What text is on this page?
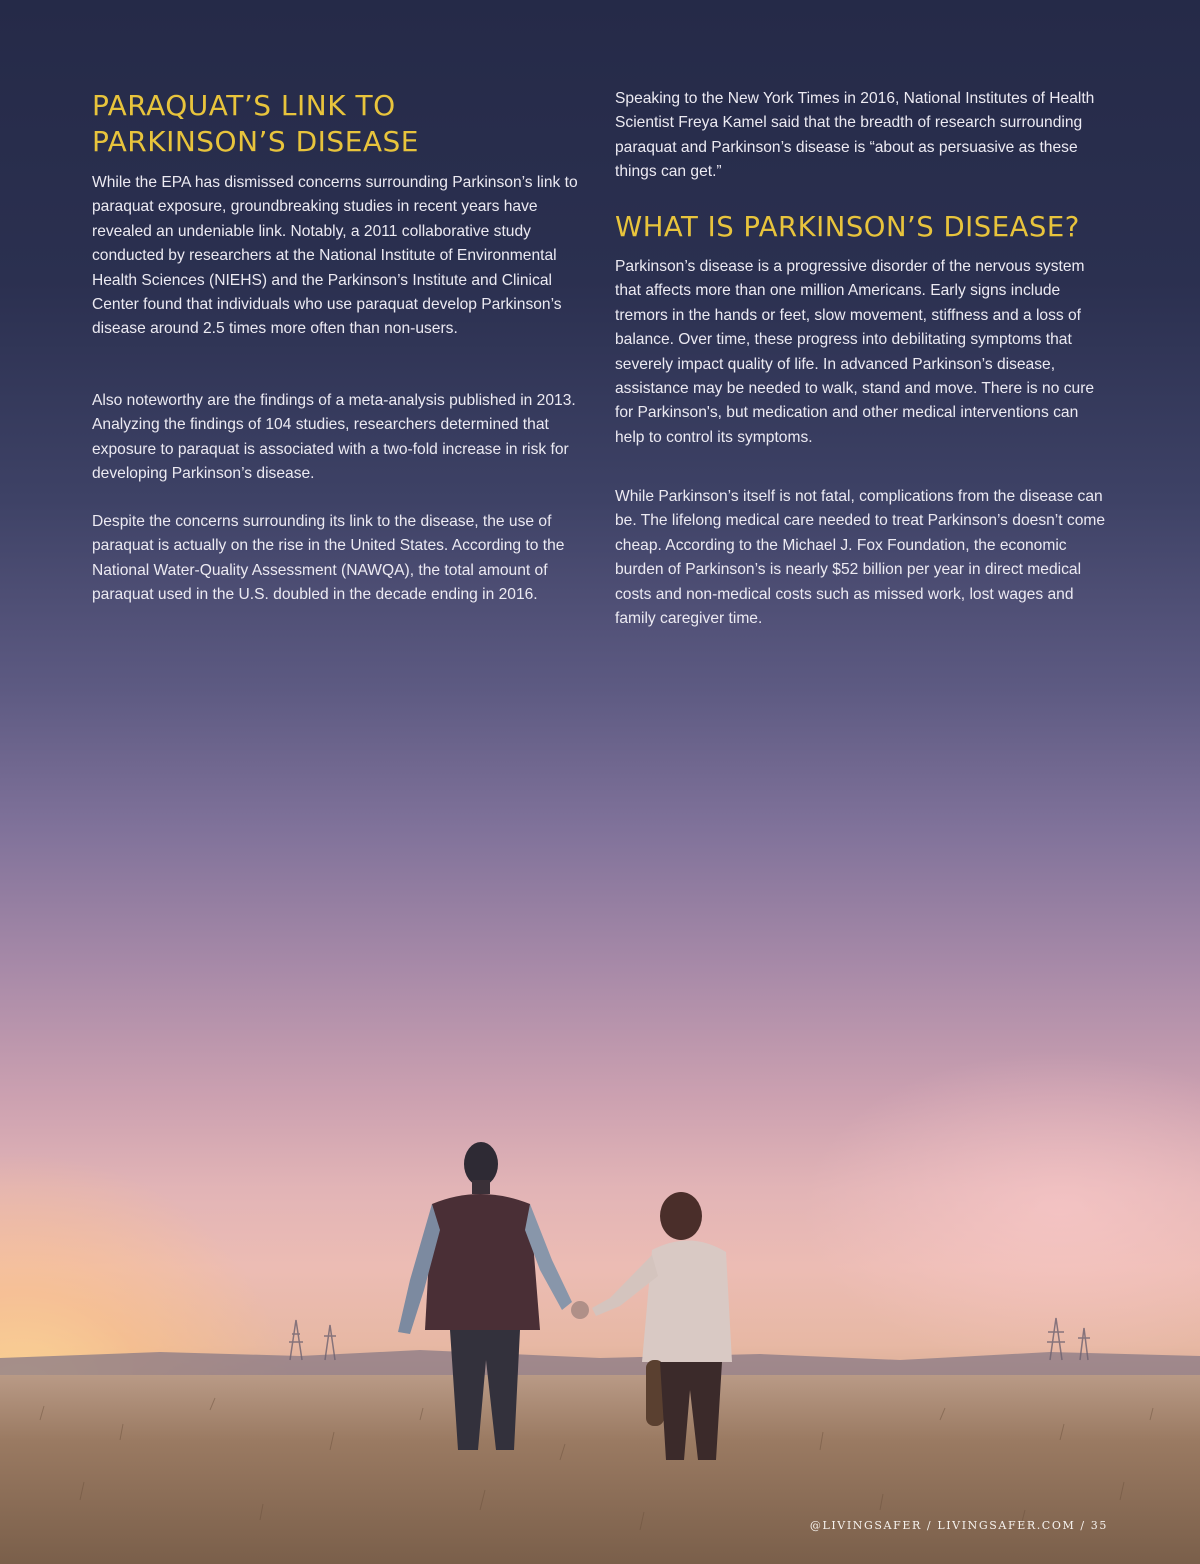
PARAQUAT’S LINK TO PARKINSON’S DISEASE

While the EPA has dismissed concerns surrounding Parkinson’s link to paraquat exposure, groundbreaking studies in recent years have revealed an undeniable link. Notably, a 2011 collaborative study conducted by researchers at the National Institute of Environmental Health Sciences (NIEHS) and the Parkinson’s Institute and Clinical Center found that individuals who use paraquat develop Parkinson’s disease around 2.5 times more often than non-users.

Also noteworthy are the findings of a meta-analysis published in 2013. Analyzing the findings of 104 studies, researchers determined that exposure to paraquat is associated with a two-fold increase in risk for developing Parkinson’s disease.

Despite the concerns surrounding its link to the disease, the use of paraquat is actually on the rise in the United States. According to the National Water-Quality Assessment (NAWQA), the total amount of paraquat used in the U.S. doubled in the decade ending in 2016.

Speaking to the New York Times in 2016, National Institutes of Health Scientist Freya Kamel said that the breadth of research surrounding paraquat and Parkinson’s disease is “about as persuasive as these things can get.”

WHAT IS PARKINSON’S DISEASE?

Parkinson’s disease is a progressive disorder of the nervous system that affects more than one million Americans. Early signs include tremors in the hands or feet, slow movement, stiffness and a loss of balance. Over time, these progress into debilitating symptoms that severely impact quality of life. In advanced Parkinson’s disease, assistance may be needed to walk, stand and move. There is no cure for Parkinson's, but medication and other medical interventions can help to control its symptoms.

While Parkinson’s itself is not fatal, complications from the disease can be. The lifelong medical care needed to treat Parkinson’s doesn’t come cheap. According to the Michael J. Fox Foundation, the economic burden of Parkinson’s is nearly $52 billion per year in direct medical costs and non-medical costs such as missed work, lost wages and family caregiver time.

@LIVINGSAFER / LIVINGSAFER.COM / 35
